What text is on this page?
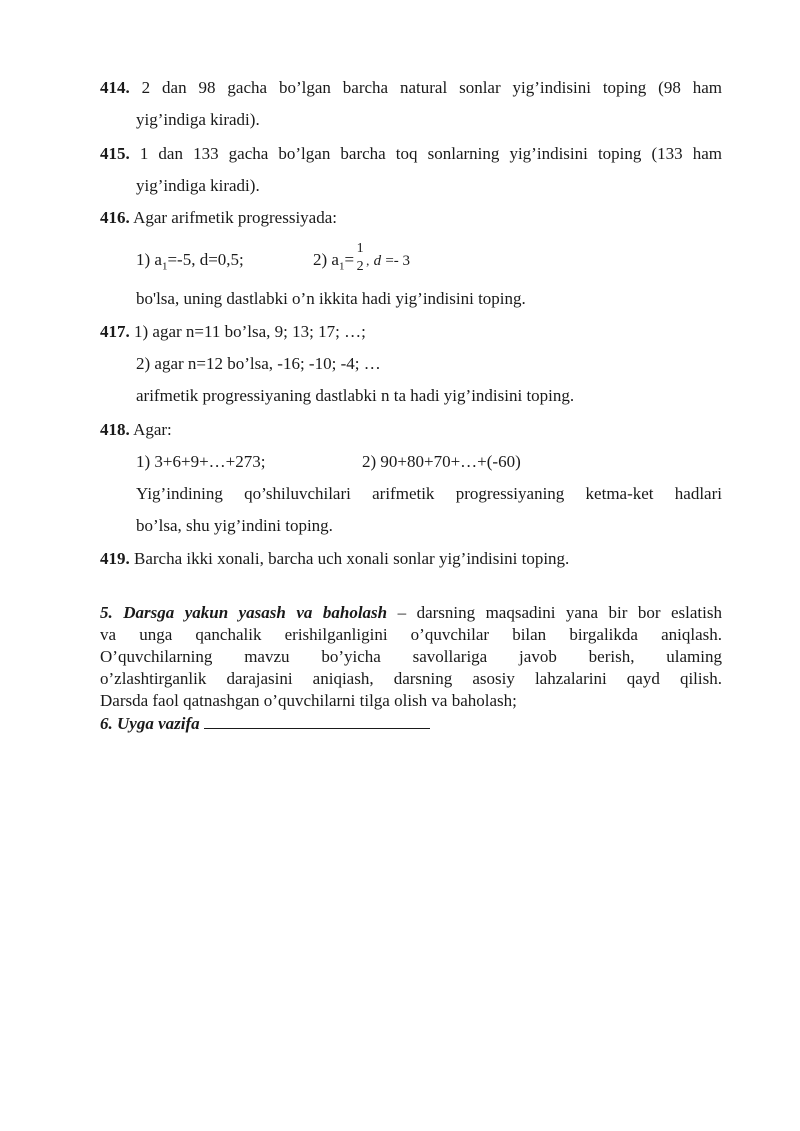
414. 2 dan 98 gacha bo’lgan barcha natural sonlar yig’indisini toping (98 ham
yig’indiga kiradi).
415. 1 dan 133 gacha bo’lgan barcha toq sonlarning yig’indisini toping (133 ham
yig’indiga kiradi).
416. Agar arifmetik progressiyada:
1) $a_1=-5$, d=0,5;	2) $a_1=$
1
2 , d =- 3
bo'lsa, uning dastlabki o’n ikkita hadi yig’indisini toping.
417. 1) agar n=11 bo’lsa, 9; 13; 17; …;
2) agar n=12 bo’lsa, -16; -10; -4; …
arifmetik progressiyaning dastlabki n ta hadi yig’indisini toping.
418. Agar:
1) 3+6+9+…+273;	2) 90+80+70+…+(-60)
Yig’indining qo’shiluvchilari arifmetik progressiyaning ketma-ket hadlari
bo’lsa, shu yig’indini toping.
419. Barcha ikki xonali, barcha uch xonali sonlar yig’indisini toping.
5. Darsga yakun yasash va baholash – darsning maqsadini yana bir bor eslatish
va unga qanchalik erishilganligini o’quvchilar bilan birgalikda aniqlash.
O’quvchilarning mavzu bo’yicha savollariga javob berish, ulaming
o’zlashtirganlik darajasini aniqiash, darsning asosiy lahzalarini qayd qilish.
Darsda faol qatnashgan o’quvchilarni tilga olish va baholash;
6. Uyga vazifa
